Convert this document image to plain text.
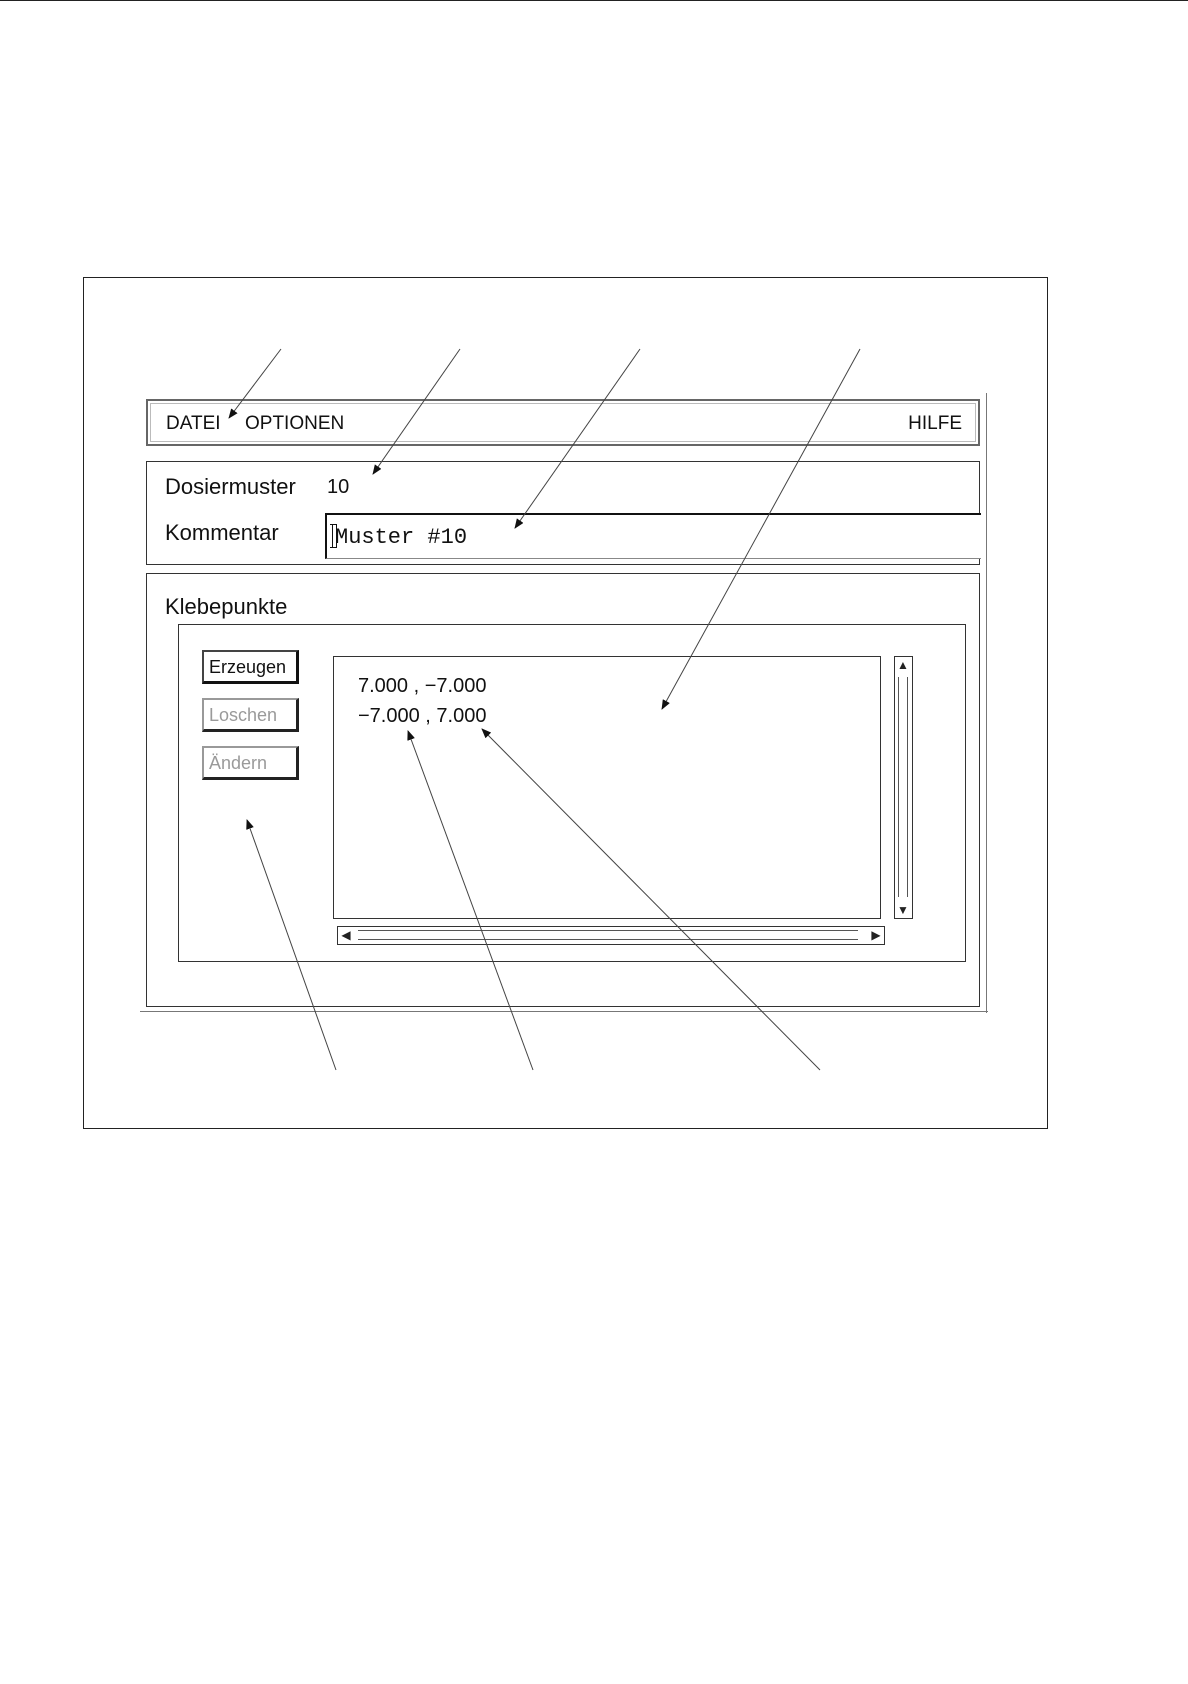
DATEI OPTIONEN	HILFE
Dosiermuster 10
Kommentar	Muster #10
Klebepunkte
Erzeugen
Loschen
Ändern
7.000 , −7.000
−7.000 , 7.000
▲
▼
◀	▶
